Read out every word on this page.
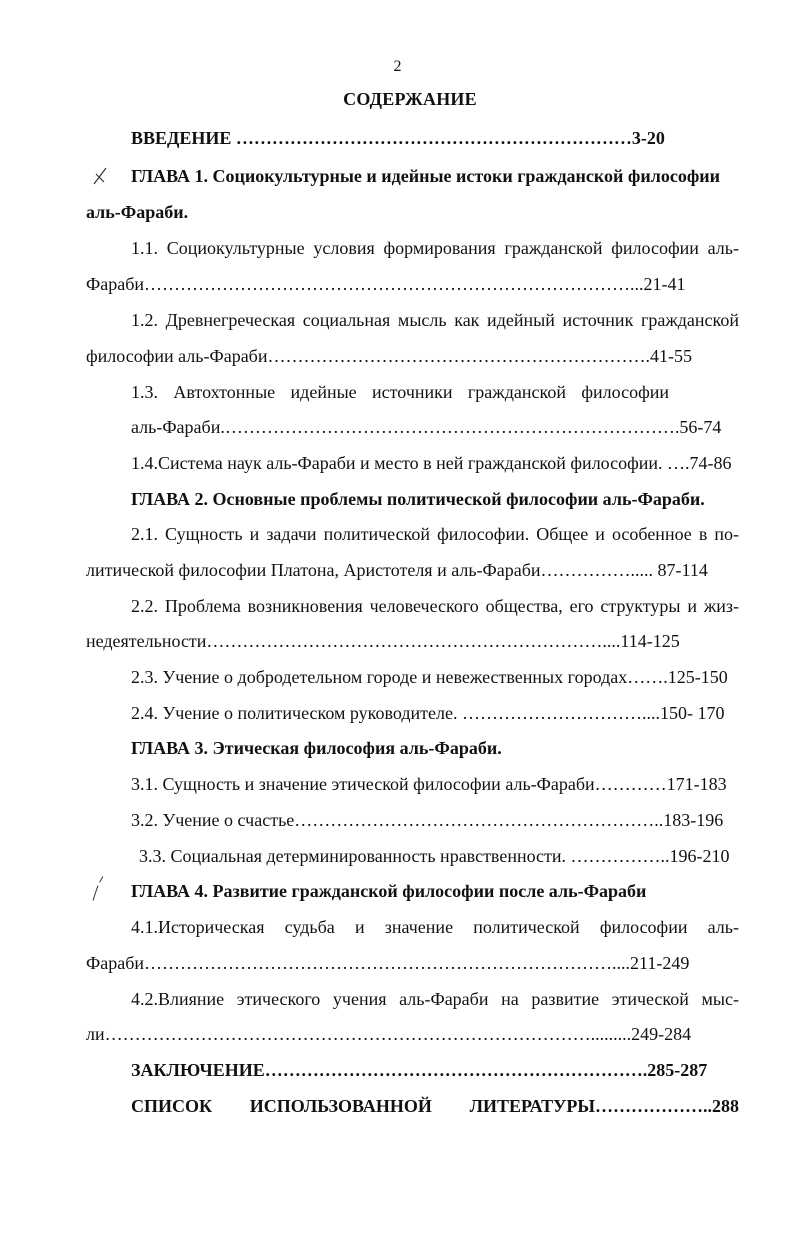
2
СОДЕРЖАНИЕ
ВВЕДЕНИЕ …………………………………………………………3-20
ГЛАВА 1. Социокультурные и идейные истоки гражданской философии
аль-Фараби.
1.1. Социокультурные условия формирования гражданской философии аль-
Фараби………………………………………………………………………...21-41
1.2. Древнегреческая социальная мысль как идейный источник гражданской
философии аль-Фараби……………………………………………………….41-55
1.3. Автохтонные идейные источники гражданской философии
аль-Фараби.………………………………………………………………….56-74
1.4.Система наук аль-Фараби и место в ней гражданской философии. ….74-86
ГЛАВА 2. Основные проблемы политической философии аль-Фараби.
2.1. Сущность и задачи политической философии. Общее и особенное в по-
литической философии Платона, Аристотеля и аль-Фараби……………..... 87-114
2.2. Проблема возникновения человеческого общества, его структуры и жиз-
недеятельности…………………………………………………………....114-125
2.3. Учение о добродетельном городе и невежественных городах…….125-150
2.4. Учение о политическом руководителе. …………………………....150- 170
ГЛАВА 3. Этическая философия аль-Фараби.
3.1. Сущность и значение этической философии аль-Фараби…………171-183
3.2. Учение о счастье……………………………………………………..183-196
3.3. Социальная детерминированность нравственности. ……………..196-210
ГЛАВА 4. Развитие гражданской философии после аль-Фараби
4.1.Историческая судьба и значение политической философии аль-
Фараби……………………………………………………………………....211-249
4.2.Влияние этического учения аль-Фараби на развитие этической мыс-
ли……………………………………………………………………….........249-284
ЗАКЛЮЧЕНИЕ……………………………………………………….285-287
СПИСОК ИСПОЛЬЗОВАННОЙ ЛИТЕРАТУРЫ………………..288
